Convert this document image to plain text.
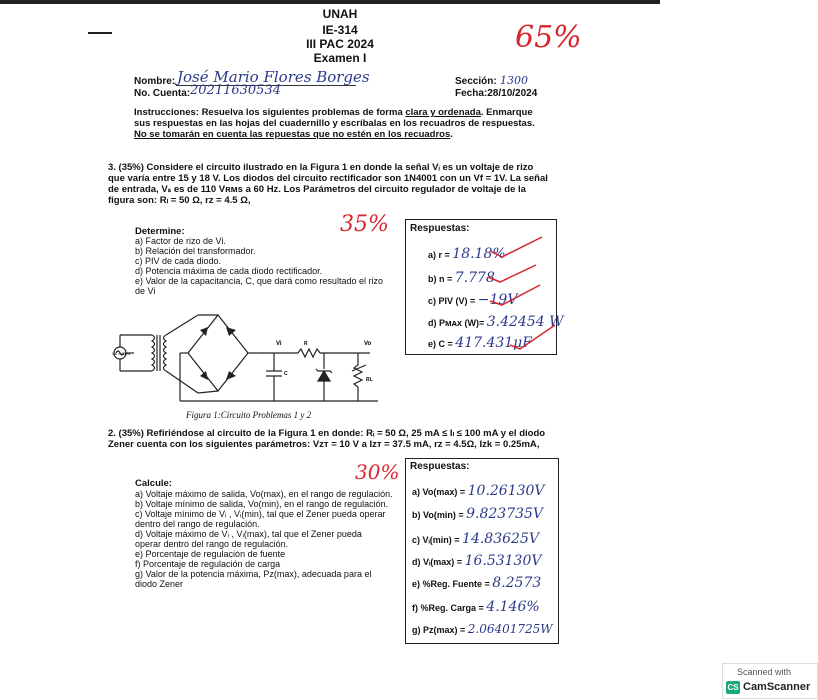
UNAH
IE-314
III PAC 2024
Examen I
65%
Nombre: José Mario Flores Borges
No. Cuenta: 20211630534
Sección: 1300
Fecha:28/10/2024
Instrucciones: Resuelva los siguientes problemas de forma clara y ordenada. Enmarque sus respuestas en las hojas del cuadernillo y escríbalas en los recuadros de respuestas. No se tomarán en cuenta las repuestas que no estén en los recuadros.
3. (35%) Considere el circuito ilustrado en la Figura 1 en donde la señal Vᵢ es un voltaje de rizo que varía entre 15 y 18 V. Los diodos del circuito rectificador son 1N4001 con un Vf = 1V. La señal de entrada, Vₛ es de 110 Vʀᴍs a 60 Hz. Los Parámetros del circuito regulador de voltaje de la figura son: Rₗ = 50 Ω, rz = 4.5 Ω,
35%
Determine:
a) Factor de rizo de Vi.
b) Relación del transformador.
c) PIV de cada diodo.
d) Potencia máxima de cada diodo rectificador.
e) Valor de la capacitancia, C, que dará como resultado el rizo
de Vi
Respuestas:
a) r = 18.18%
b) n = 7.778
c) PIV (V) = −19V
d) Pᴍᴀx (W)= 3.42454 W
e) C = 417.431μF
Vs = 60Hz
Vi	R	Vo
C
RL
Figura 1:Circuito Problemas 1 y 2
2. (35%) Refiriéndose al circuito de la Figura 1 en donde: Rᵢ = 50 Ω, 25 mA ≤ Iₗ ≤ 100 mA y el diodo Zener cuenta con los siguientes parámetros: Vzт = 10 V a Izт = 37.5 mA, rz = 4.5Ω, Izk = 0.25mA,
30%
Calcule:
a) Voltaje máximo de salida, Vo(max), en el rango de regulación.
b) Voltaje mínimo de salida, Vo(min), en el rango de regulación.
c) Voltaje mínimo de Vᵢ , Vᵢ(min), tal que el Zener pueda operar
dentro del rango de regulación.
d) Voltaje máximo de Vᵢ , Vᵢ(max), tal que el Zener pueda
operar dentro del rango de regulación.
e) Porcentaje de regulación de fuente
f) Porcentaje de regulación de carga
g) Valor de la potencia máxima, Pz(max), adecuada para el
diodo Zener
Respuestas:
a) Vo(max) = 10.26130V
b) Vo(min) = 9.823735V
c) Vᵢ(min) = 14.83625V
d) Vᵢ(max) = 16.53130V
e) %Reg. Fuente = 8.2573
f) %Reg. Carga = 4.146%
g) Pz(max) = 2.06401725W
Scanned with
CS CamScanner
